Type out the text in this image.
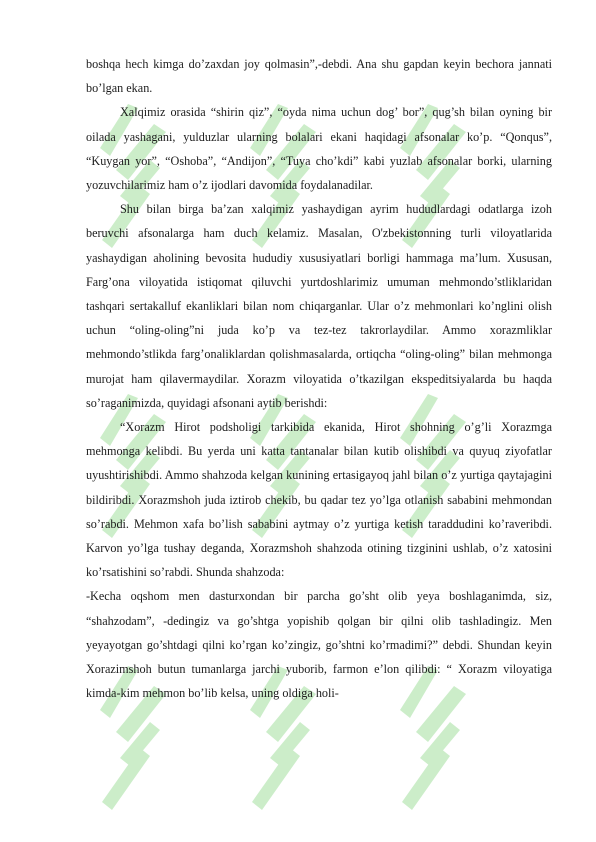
boshqa hech kimga do’zaxdan joy qolmasin”,-debdi. Ana shu gapdan keyin bechora jannati bo’lgan ekan.

Xalqimiz orasida “shirin qiz”, “oyda nima uchun dog’ bor”, qug’sh bilan oyning bir oilada yashagani, yulduzlar ularning bolalari ekani haqidagi afsonalar ko’p. “Qonqus”, “Kuygan yor”, “Oshoba”, “Andijon”, “Tuya cho’kdi” kabi yuzlab afsonalar borki, ularning yozuvchilarimiz ham o’z ijodlari davomida foydalanadilar.

Shu bilan birga ba’zan xalqimiz yashaydigan ayrim hududlardagi odatlarga izoh beruvchi afsonalarga ham duch kelamiz. Masalan, O'zbekistonning turli viloyatlarida yashaydigan aholining bevosita hududiy xususiyatlari borligi hammaga ma’lum. Xususan, Farg’ona viloyatida istiqomat qiluvchi yurtdoshlarimiz umuman mehmondo’stliklaridan tashqari sertakalluf ekanliklari bilan nom chiqarganlar. Ular o’z mehmonlari ko’nglini olish uchun “oling-oling”ni juda ko’p va tez-tez takrorlaydilar. Ammo xorazmliklar mehmondo’stlikda farg’onaliklardan qolishmasalarda, ortiqcha “oling-oling” bilan mehmonga murojat ham qilavermaydilar. Xorazm viloyatida o’tkazilgan ekspeditsiyalarda bu haqda so’raganimizda, quyidagi afsonani aytib berishdi:

“Xorazm Hirot podsholigi tarkibida ekanida, Hirot shohning o’g’li Xorazmga mehmonga kelibdi. Bu yerda uni katta tantanalar bilan kutib olishibdi va quyuq ziyofatlar uyushtirishibdi. Ammo shahzoda kelgan kunining ertasigayoq jahl bilan o’z yurtiga qaytajagini bildiribdi. Xorazmshoh juda iztirob chekib, bu qadar tez yo’lga otlanish sababini mehmondan so’rabdi. Mehmon xafa bo’lish sababini aytmay o’z yurtiga ketish taraddudini ko’raveribdi. Karvon yo’lga tushay deganda, Xorazmshoh shahzoda otining tizginini ushlab, o’z xatosini ko’rsatishini so’rabdi. Shunda shahzoda:

-Kecha oqshom men dasturxondan bir parcha go’sht olib yeya boshlaganimda, siz, “shahzodam”, -dedingiz va go’shtga yopishib qolgan bir qilni olib tashladingiz. Men yeyayotgan go’shtdagi qilni ko’rgan ko’zingiz, go’shtni ko’rmadimi?” debdi. Shundan keyin Xorazimshoh butun tumanlarga jarchi yuborib, farmon e’lon qilibdi: “ Xorazm viloyatiga kimda-kim mehmon bo’lib kelsa, uning oldiga holi-
